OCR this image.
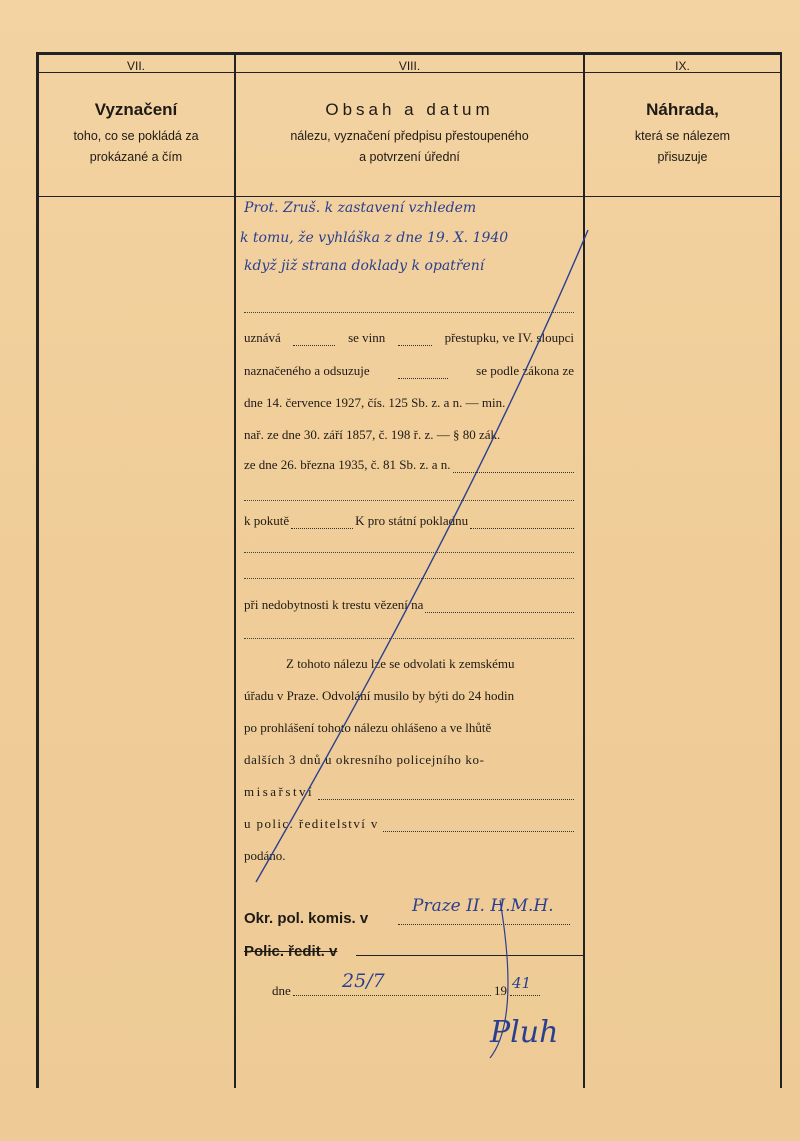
VII.	VIII.	IX.
Vyznačení
toho, co se pokládá za
prokázané a čím
Obsah a datum
nálezu, vyznačení předpisu přestoupeného
a potvrzení úřední
Náhrada,
která se nálezem
přisuzuje
Prot. Zruš. k zastavení vzhledem
k tomu, že vyhláška z dne 19. X. 1940
když již strana doklady k opatření
uznává	se vinn	přestupku, ve IV. sloupci
naznačeného a odsuzuje	se podle zákona ze
dne 14. července 1927, čís. 125 Sb. z. a n. — min.
nař. ze dne 30. září 1857, č. 198 ř. z. — § 80 zák.
ze dne 26. března 1935, č. 81 Sb. z. a n.
k pokutě	K pro státní pokladnu
při nedobytnosti k trestu vězení na
Z tohoto nálezu lze se odvolati k zemskému
úřadu v Praze. Odvolání musilo by býti do 24 hodin
po prohlášení tohoto nálezu ohlášeno a ve lhůtě
dalších 3 dnů u okresního policejního ko-
misařství
u polic. ředitelství v
podáno.
Okr. pol. komis. v
Praze II. H.M.H.
Polic. ředit. v
dne	19
25/7	41
Pluh
